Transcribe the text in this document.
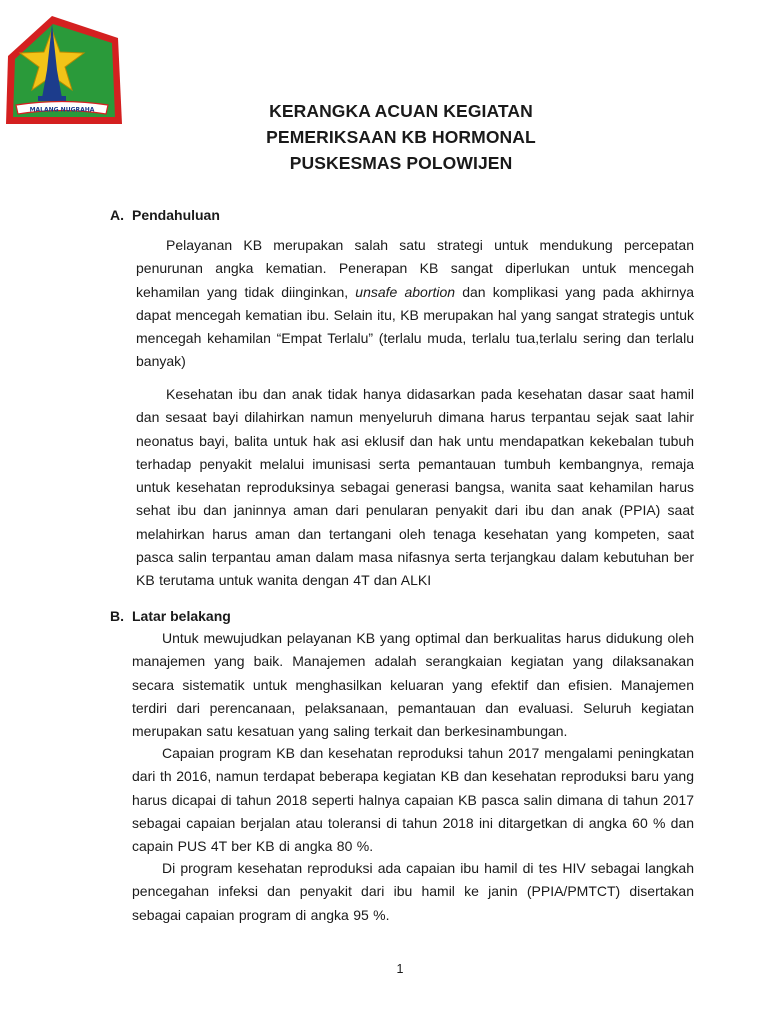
MALANG NUGRAHA	KERANGKA ACUAN KEGIATAN
PEMERIKSAAN KB HORMONAL
PUSKESMAS POLOWIJEN
A. Pendahuluan
Pelayanan KB merupakan salah satu strategi untuk mendukung percepatan penurunan angka kematian. Penerapan KB sangat diperlukan untuk mencegah kehamilan yang tidak diinginkan, unsafe abortion dan komplikasi yang pada akhirnya dapat mencegah kematian ibu. Selain itu, KB merupakan hal yang sangat strategis untuk mencegah kehamilan “Empat Terlalu” (terlalu muda, terlalu tua,terlalu sering dan terlalu banyak)
Kesehatan ibu dan anak tidak hanya didasarkan pada kesehatan dasar saat hamil dan sesaat bayi dilahirkan namun menyeluruh dimana harus terpantau sejak saat lahir neonatus bayi, balita untuk hak asi eklusif dan hak untu mendapatkan kekebalan tubuh terhadap penyakit melalui imunisasi serta pemantauan tumbuh kembangnya, remaja untuk kesehatan reproduksinya sebagai generasi bangsa, wanita saat kehamilan harus sehat ibu dan janinnya aman dari penularan penyakit dari ibu dan anak (PPIA) saat melahirkan harus aman dan tertangani oleh tenaga kesehatan yang kompeten, saat pasca salin terpantau aman dalam masa nifasnya serta terjangkau dalam kebutuhan ber KB terutama untuk wanita dengan 4T dan ALKI
B. Latar belakang
Untuk mewujudkan pelayanan KB yang optimal dan berkualitas harus didukung oleh manajemen yang baik. Manajemen adalah serangkaian kegiatan yang dilaksanakan secara sistematik untuk menghasilkan keluaran yang efektif dan efisien. Manajemen terdiri dari perencanaan, pelaksanaan, pemantauan dan evaluasi. Seluruh kegiatan merupakan satu kesatuan yang saling terkait dan berkesinambungan.
Capaian program KB dan kesehatan reproduksi tahun 2017 mengalami peningkatan dari th 2016, namun terdapat beberapa kegiatan KB dan kesehatan reproduksi baru yang harus dicapai di tahun 2018 seperti halnya capaian KB pasca salin dimana di tahun 2017 sebagai capaian berjalan atau toleransi di tahun 2018 ini ditargetkan di angka 60 % dan capain PUS 4T ber KB di angka 80 %.
Di program kesehatan reproduksi ada capaian ibu hamil di tes HIV sebagai langkah pencegahan infeksi dan penyakit dari ibu hamil ke janin (PPIA/PMTCT) disertakan sebagai capaian program di angka 95 %.
1
